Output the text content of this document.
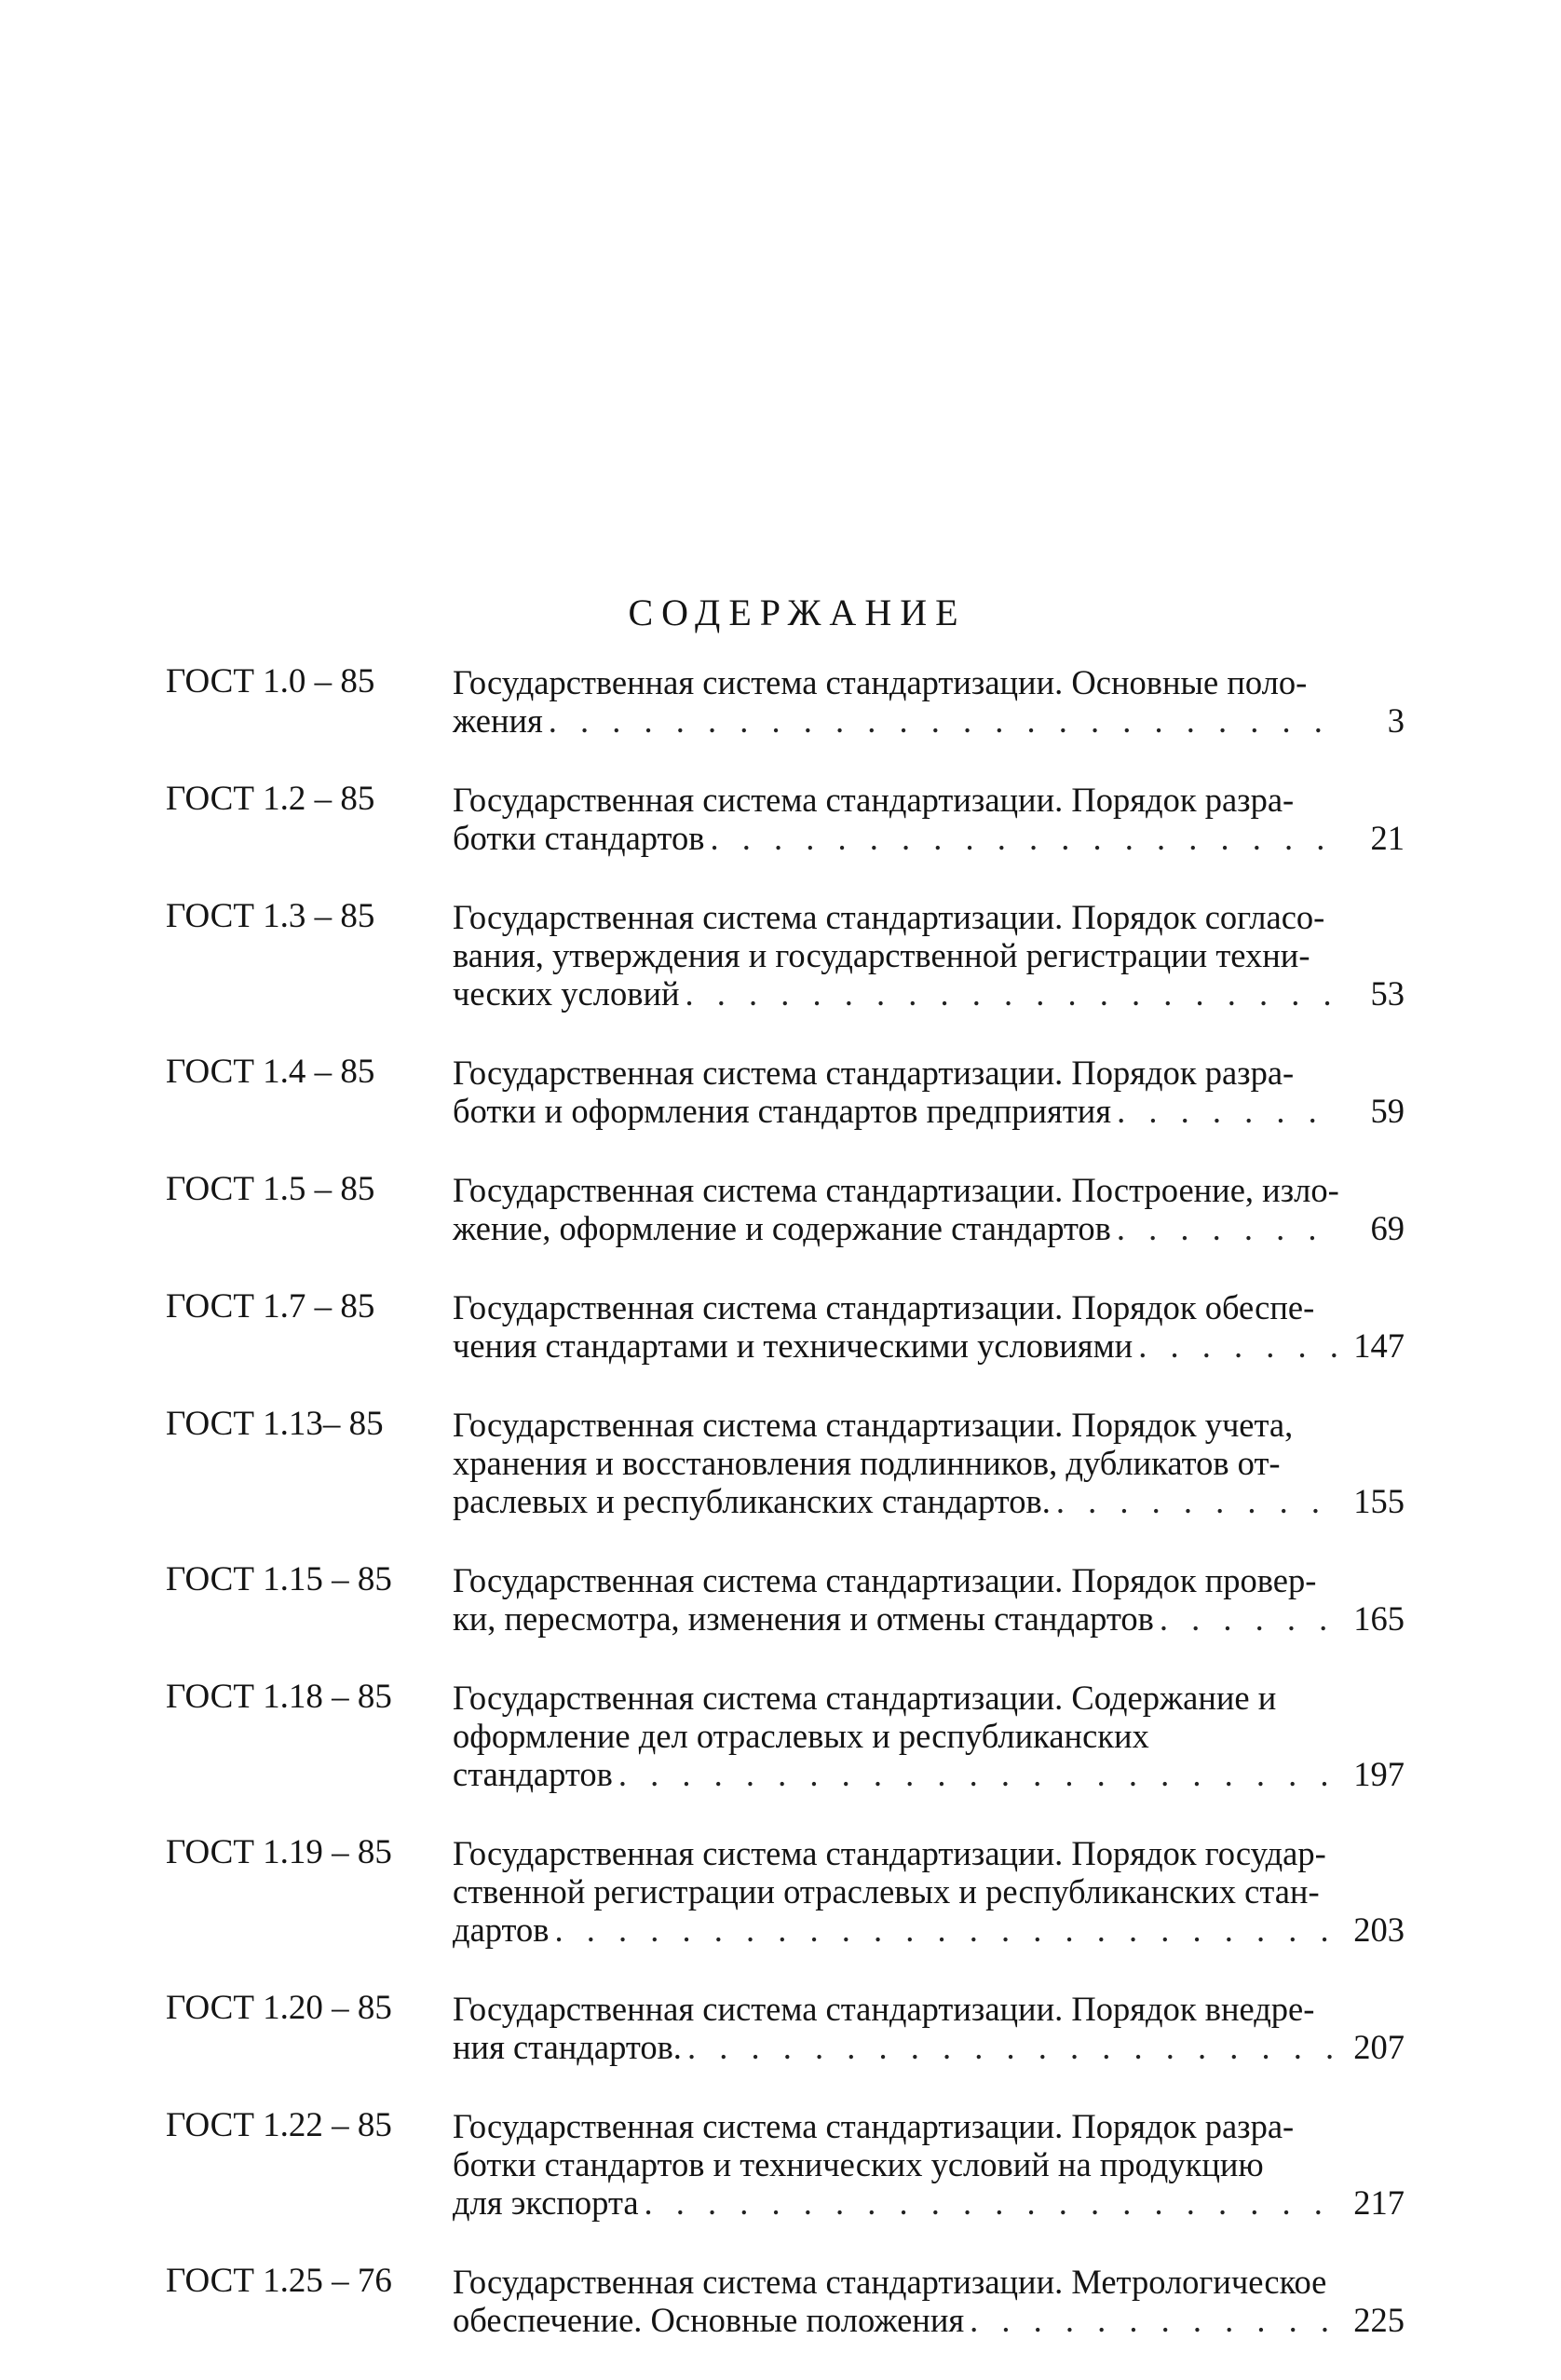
СОДЕРЖАНИЕ
ГОСТ 1.0 – 85	Государственная система стандартизации. Основные поло-
жения . . .	3
ГОСТ 1.2 – 85	Государственная система стандартизации. Порядок разра-
ботки стандартов . . .	21
ГОСТ 1.3 – 85	Государственная система стандартизации. Порядок согласо-
вания, утверждения и государственной регистрации техни-
ческих условий . . .	53
ГОСТ 1.4 – 85	Государственная система стандартизации. Порядок разра-
ботки и оформления стандартов предприятия . . .	59
ГОСТ 1.5 – 85	Государственная система стандартизации. Построение, изло-
жение, оформление и содержание стандартов . . .	69
ГОСТ 1.7 – 85	Государственная система стандартизации. Порядок обеспе-
чения стандартами и техническими условиями . . .	147
ГОСТ 1.13– 85	Государственная система стандартизации. Порядок учета,
хранения и восстановления подлинников, дубликатов от-
раслевых и республиканских стандартов. . . .	155
ГОСТ 1.15 – 85	Государственная система стандартизации. Порядок провер-
ки, пересмотра, изменения и отмены стандартов . . .	165
ГОСТ 1.18 – 85	Государственная система стандартизации. Содержание и
оформление дел отраслевых и республиканских
стандартов . . .	197
ГОСТ 1.19 – 85	Государственная система стандартизации. Порядок государ-
ственной регистрации отраслевых и республиканских стан-
дартов . . .	203
ГОСТ 1.20 – 85	Государственная система стандартизации. Порядок внедре-
ния стандартов. . . .	207
ГОСТ 1.22 – 85	Государственная система стандартизации. Порядок разра-
ботки стандартов и технических условий на продукцию
для экспорта . . .	217
ГОСТ 1.25 – 76	Государственная система стандартизации. Метрологическое
обеспечение. Основные положения . . .	225
